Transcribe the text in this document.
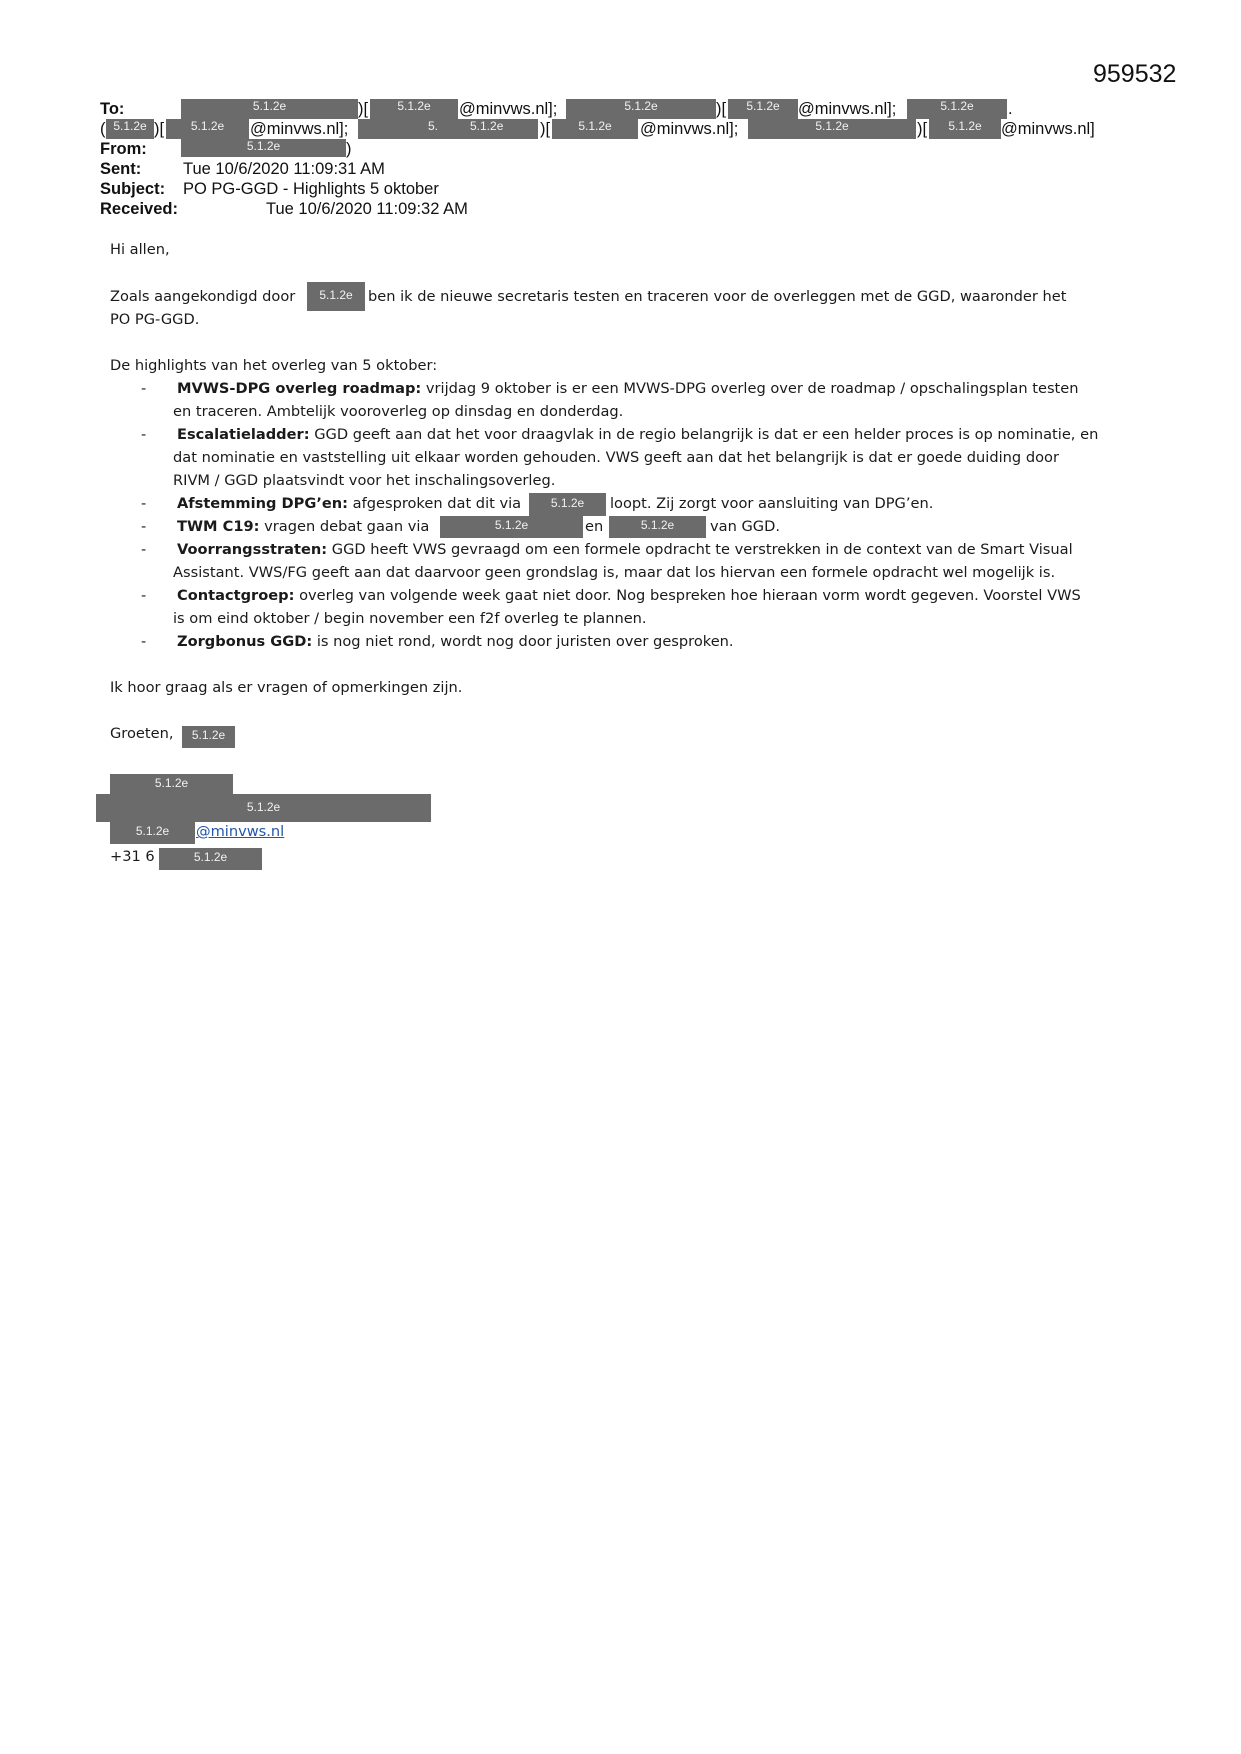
959532
To:	5.1.2e	)[	5.1.2e	@minvws.nl];	5.1.2e	)[	5.1.2e	@minvws.nl];	5.1.2e	.
( 5.1.2e )[	5.1.2e	@minvws.nl];	5.	5.1.2e )[	5.1.2e	@minvws.nl];	5.1.2e	)[	5.1.2e	@minvws.nl]
From:	5.1.2e	)
Sent:	Tue 10/6/2020 11:09:31 AM
Subject: PO PG-GGD - Highlights 5 oktober
Received:	Tue 10/6/2020 11:09:32 AM
Hi allen,
Zoals aangekondigd door	5.1.2e	ben ik de nieuwe secretaris testen en traceren voor de overleggen met de GGD, waaronder het
PO PG-GGD.
De highlights van het overleg van 5 oktober:
- MVWS-DPG overleg roadmap: vrijdag 9 oktober is er een MVWS-DPG overleg over de roadmap / opschalingsplan testen
en traceren. Ambtelijk vooroverleg op dinsdag en donderdag.
- Escalatieladder: GGD geeft aan dat het voor draagvlak in de regio belangrijk is dat er een helder proces is op nominatie, en
dat nominatie en vaststelling uit elkaar worden gehouden. VWS geeft aan dat het belangrijk is dat er goede duiding door
RIVM / GGD plaatsvindt voor het inschalingsoverleg.
- Afstemming DPG’en: afgesproken dat dit via	5.1.2e	loopt. Zij zorgt voor aansluiting van DPG’en.
- TWM C19: vragen debat gaan via	5.1.2e	en	5.1.2e	van GGD.
- Voorrangsstraten: GGD heeft VWS gevraagd om een formele opdracht te verstrekken in de context van de Smart Visual
Assistant. VWS/FG geeft aan dat daarvoor geen grondslag is, maar dat los hiervan een formele opdracht wel mogelijk is.
- Contactgroep: overleg van volgende week gaat niet door. Nog bespreken hoe hieraan vorm wordt gegeven. Voorstel VWS
is om eind oktober / begin november een f2f overleg te plannen.
- Zorgbonus GGD: is nog niet rond, wordt nog door juristen over gesproken.
Ik hoor graag als er vragen of opmerkingen zijn.
Groeten,	5.1.2e
5.1.2e
5.1.2e
5.1.2e	@minvws.nl
+31 6	5.1.2e
